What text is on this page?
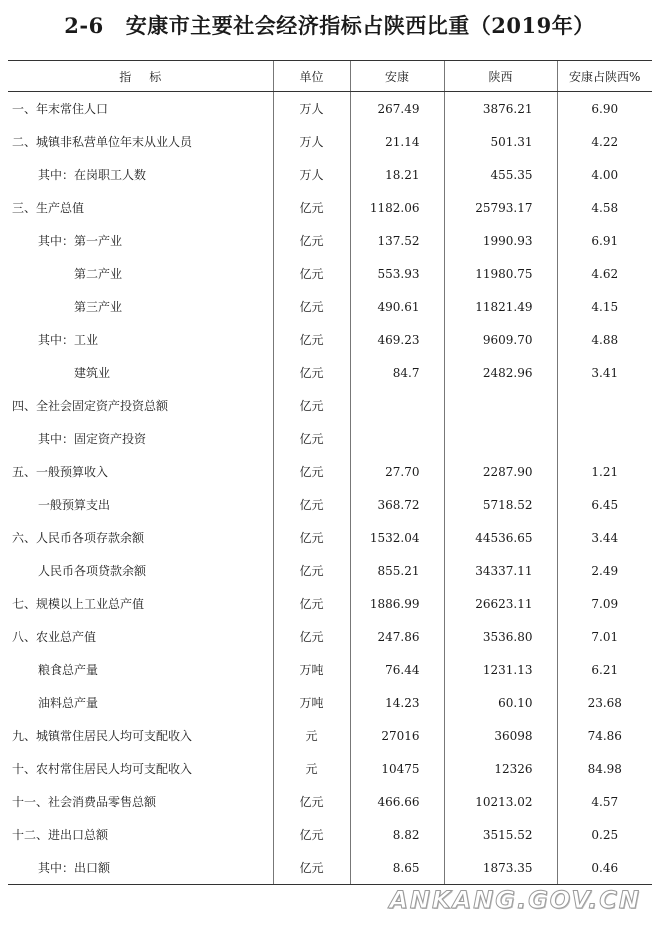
2-6 安康市主要社会经济指标占陕西比重（2019年）
指标	单位	安康	陕西	安康占陕西%
一、年末常住人口	万人	267.49	3876.21	6.90
二、城镇非私营单位年末从业人员	万人	21.14	501.31	4.22
其中：在岗职工人数	万人	18.21	455.35	4.00
三、生产总值	亿元	1182.06	25793.17	4.58
其中：第一产业	亿元	137.52	1990.93	6.91
第二产业	亿元	553.93	11980.75	4.62
第三产业	亿元	490.61	11821.49	4.15
其中：工业	亿元	469.23	9609.70	4.88
建筑业	亿元	84.7	2482.96	3.41
四、全社会固定资产投资总额	亿元			
其中：固定资产投资	亿元			
五、一般预算收入	亿元	27.70	2287.90	1.21
一般预算支出	亿元	368.72	5718.52	6.45
六、人民币各项存款余额	亿元	1532.04	44536.65	3.44
人民币各项贷款余额	亿元	855.21	34337.11	2.49
七、规模以上工业总产值	亿元	1886.99	26623.11	7.09
八、农业总产值	亿元	247.86	3536.80	7.01
粮食总产量	万吨	76.44	1231.13	6.21
油料总产量	万吨	14.23	60.10	23.68
九、城镇常住居民人均可支配收入	元	27016	36098	74.86
十、农村常住居民人均可支配收入	元	10475	12326	84.98
十一、社会消费品零售总额	亿元	466.66	10213.02	4.57
十二、进出口总额	亿元	8.82	3515.52	0.25
其中：出口额	亿元	8.65	1873.35	0.46
ANKANG.GOV.CN
